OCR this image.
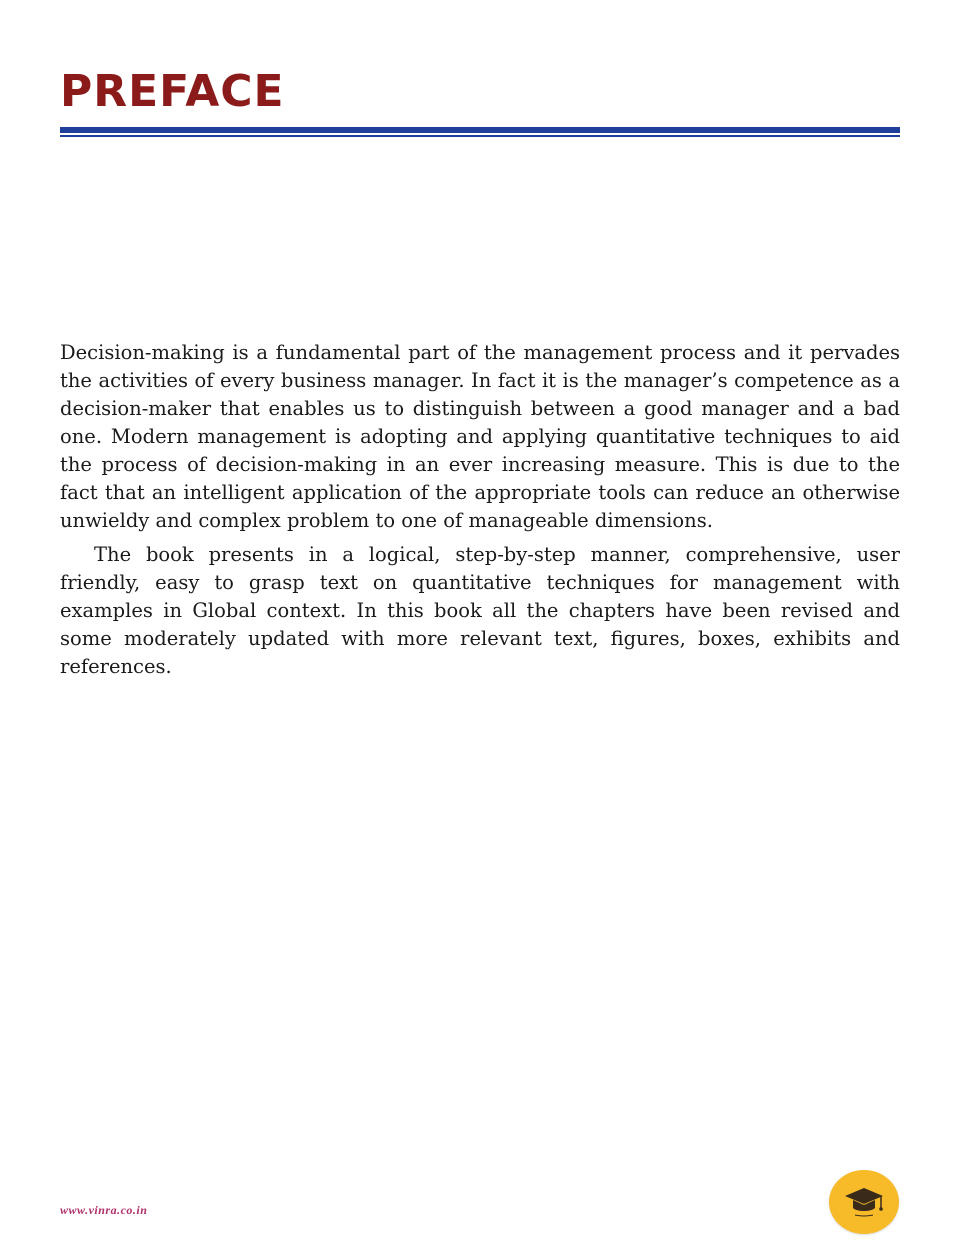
PREFACE

Decision-making is a fundamental part of the management process and it pervades the activities of every business manager. In fact it is the manager’s competence as a decision-maker that enables us to distinguish between a good manager and a bad one. Modern management is adopting and applying quantitative techniques to aid the process of decision-making in an ever increasing measure. This is due to the fact that an intelligent application of the appropriate tools can reduce an otherwise unwieldy and complex problem to one of manageable dimensions.

The book presents in a logical, step-by-step manner, comprehensive, user friendly, easy to grasp text on quantitative techniques for management with examples in Global context. In this book all the chapters have been revised and some moderately updated with more relevant text, figures, boxes, exhibits and references.

www.vinra.co.in
